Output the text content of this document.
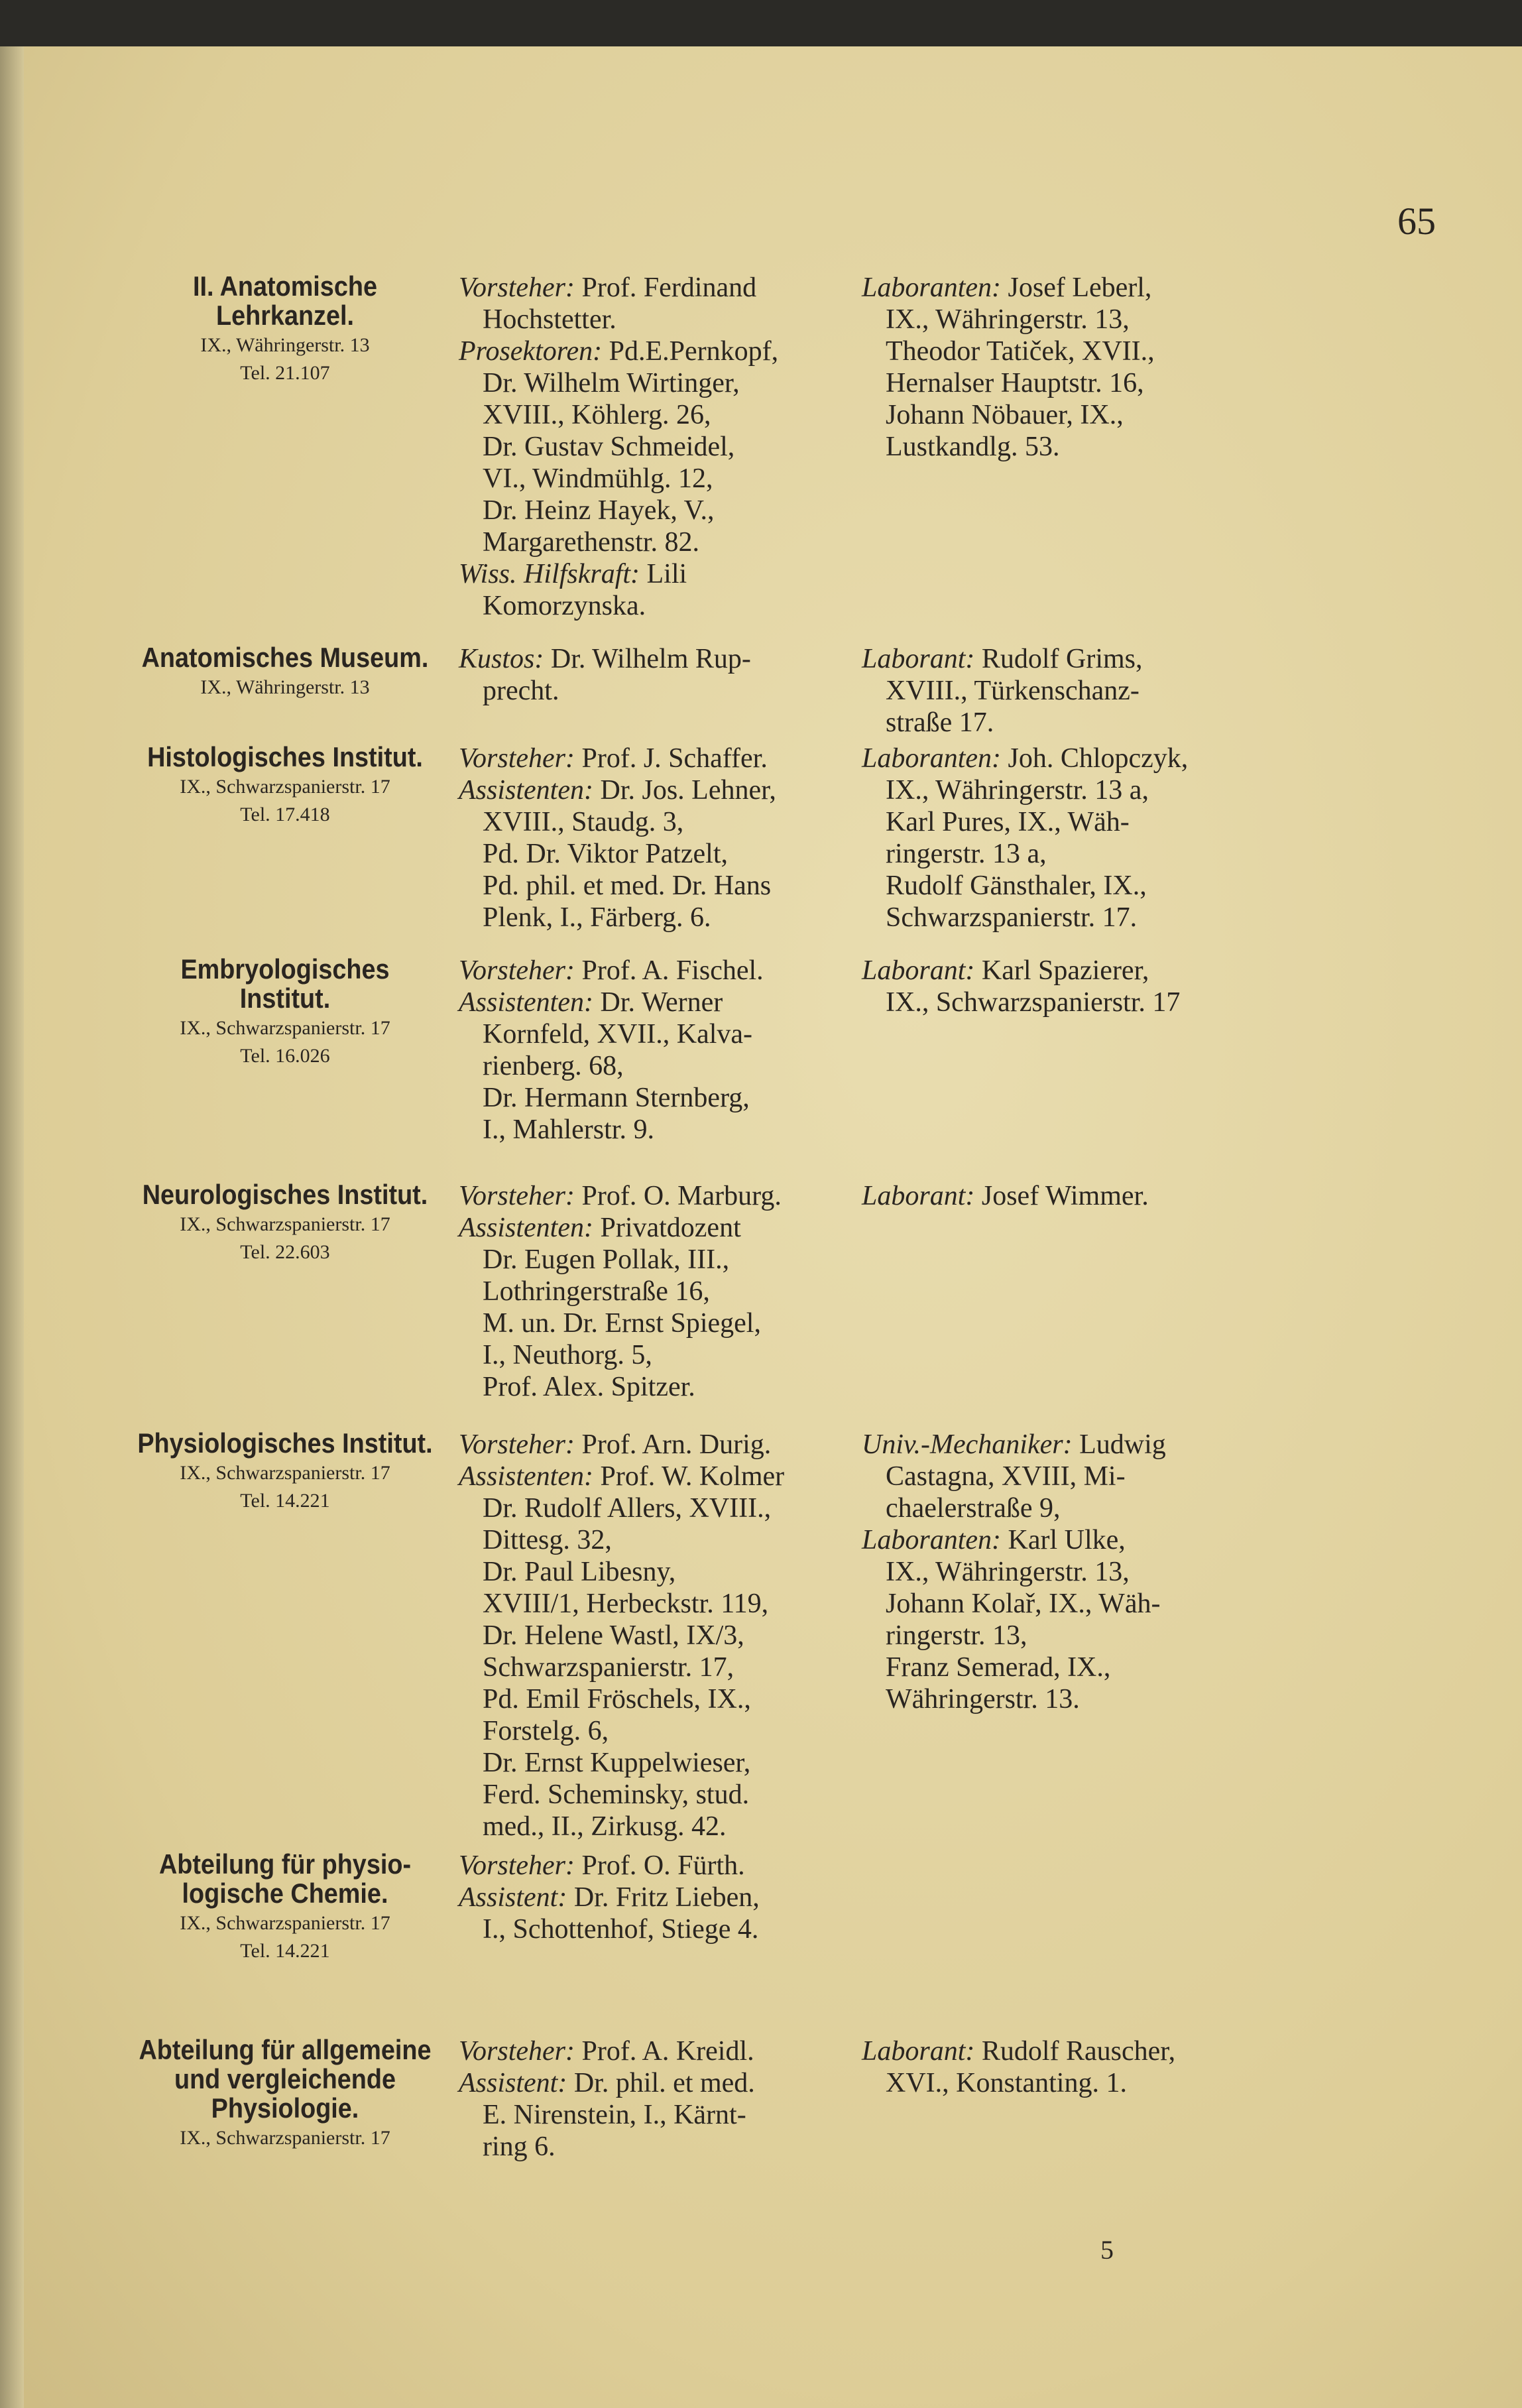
65
II. Anatomische
Lehrkanzel.
IX., Währingerstr. 13
Tel. 21.107
Vorsteher: Prof. Ferdinand
Hochstetter.
Prosektoren: Pd.E.Pernkopf,
Dr. Wilhelm Wirtinger,
XVIII., Köhlerg. 26,
Dr. Gustav Schmeidel,
VI., Windmühlg. 12,
Dr. Heinz Hayek, V.,
Margarethenstr. 82.
Wiss. Hilfskraft: Lili
Komorzynska.
Laboranten: Josef Leberl,
IX., Währingerstr. 13,
Theodor Tatiček, XVII.,
Hernalser Hauptstr. 16,
Johann Nöbauer, IX.,
Lustkandlg. 53.
Anatomisches Museum.
IX., Währingerstr. 13
Kustos: Dr. Wilhelm Rup-
precht.
Laborant: Rudolf Grims,
XVIII., Türkenschanz-
straße 17.
Histologisches Institut.
IX., Schwarzspanierstr. 17
Tel. 17.418
Vorsteher: Prof. J. Schaffer.
Assistenten: Dr. Jos. Lehner,
XVIII., Staudg. 3,
Pd. Dr. Viktor Patzelt,
Pd. phil. et med. Dr. Hans
Plenk, I., Färberg. 6.
Laboranten: Joh. Chlopczyk,
IX., Währingerstr. 13 a,
Karl Pures, IX., Wäh-
ringerstr. 13 a,
Rudolf Gänsthaler, IX.,
Schwarzspanierstr. 17.
Embryologisches
Institut.
IX., Schwarzspanierstr. 17
Tel. 16.026
Vorsteher: Prof. A. Fischel.
Assistenten: Dr. Werner
Kornfeld, XVII., Kalva-
rienberg. 68,
Dr. Hermann Sternberg,
I., Mahlerstr. 9.
Laborant: Karl Spazierer,
IX., Schwarzspanierstr. 17
Neurologisches Institut.
IX., Schwarzspanierstr. 17
Tel. 22.603
Vorsteher: Prof. O. Marburg.
Assistenten: Privatdozent
Dr. Eugen Pollak, III.,
Lothringerstraße 16,
M. un. Dr. Ernst Spiegel,
I., Neuthorg. 5,
Prof. Alex. Spitzer.
Laborant: Josef Wimmer.
Physiologisches Institut.
IX., Schwarzspanierstr. 17
Tel. 14.221
Vorsteher: Prof. Arn. Durig.
Assistenten: Prof. W. Kolmer
Dr. Rudolf Allers, XVIII.,
Dittesg. 32,
Dr. Paul Libesny,
XVIII/1, Herbeckstr. 119,
Dr. Helene Wastl, IX/3,
Schwarzspanierstr. 17,
Pd. Emil Fröschels, IX.,
Forstelg. 6,
Dr. Ernst Kuppelwieser,
Ferd. Scheminsky, stud.
med., II., Zirkusg. 42.
Univ.-Mechaniker: Ludwig
Castagna, XVIII, Mi-
chaelerstraße 9,
Laboranten: Karl Ulke,
IX., Währingerstr. 13,
Johann Kolař, IX., Wäh-
ringerstr. 13,
Franz Semerad, IX.,
Währingerstr. 13.
Abteilung für physio-
logische Chemie.
IX., Schwarzspanierstr. 17
Tel. 14.221
Vorsteher: Prof. O. Fürth.
Assistent: Dr. Fritz Lieben,
I., Schottenhof, Stiege 4.
Abteilung für allgemeine
und vergleichende
Physiologie.
IX., Schwarzspanierstr. 17
Vorsteher: Prof. A. Kreidl.
Assistent: Dr. phil. et med.
E. Nirenstein, I., Kärnt-
ring 6.
Laborant: Rudolf Rauscher,
XVI., Konstanting. 1.
5
